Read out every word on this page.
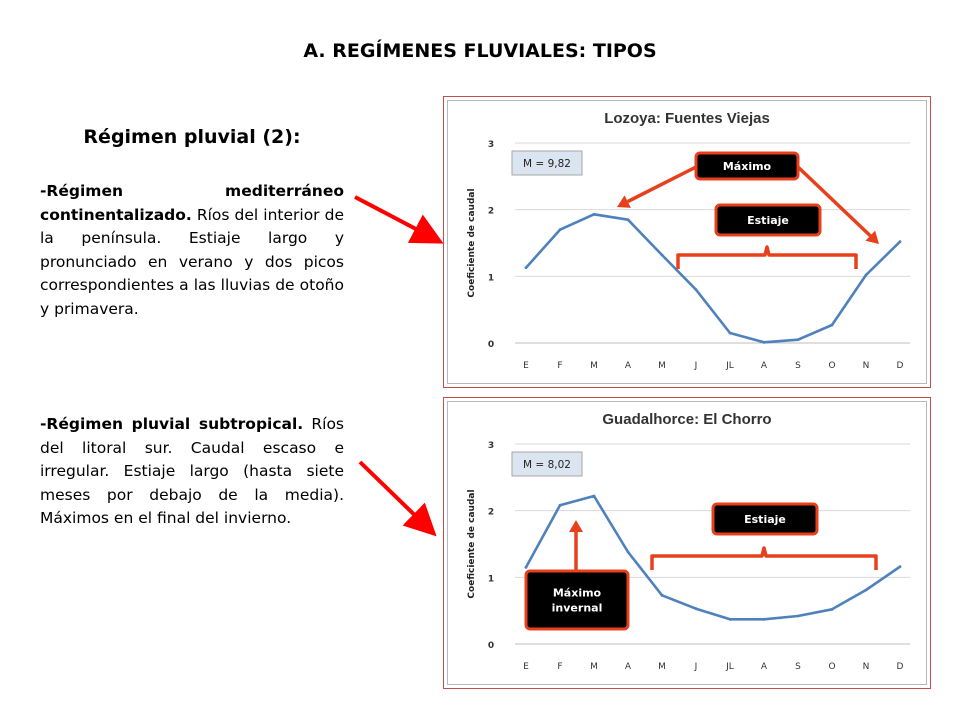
A. REGÍMENES FLUVIALES: TIPOS
Régimen pluvial (2):
-Régimen mediterráneo continentalizado. Ríos del interior de la península. Estiaje largo y pronunciado en verano y dos picos correspondientes a las lluvias de otoño y primavera.
-Régimen pluvial subtropical. Ríos del litoral sur. Caudal escaso e irregular. Estiaje largo (hasta siete meses por debajo de la media). Máximos en el final del invierno.
Lozoya: Fuentes Viejas
0
1
2
3
Coeficiente de caudal
E	F	M	A	M	J	JL	A	S	O	N	D
M = 9,82	Máximo
Estiaje
Guadalhorce: El Chorro
0
1
2
3
Coeficiente de caudal
E	F	M	A	M	J	JL	A	S	O	N	D
M = 8,02
Estiaje
Máximo
invernal
